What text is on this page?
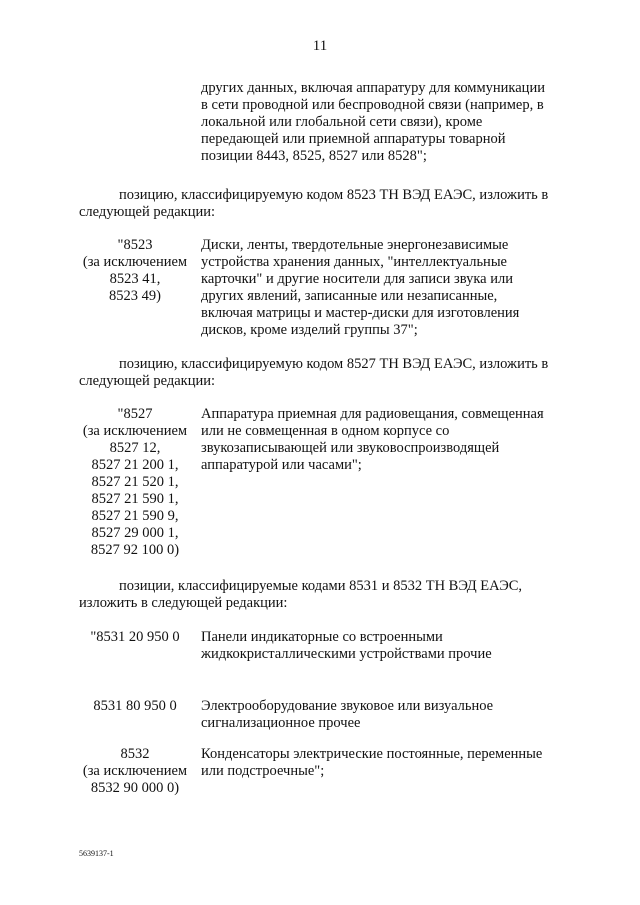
11
других данных, включая аппаратуру для коммуникации
в сети проводной или беспроводной связи (например, в
локальной или глобальной сети связи), кроме
передающей или приемной аппаратуры товарной
позиции 8443, 8525, 8527 или 8528";
позицию, классифицируемую кодом 8523 ТН ВЭД ЕАЭС, изложить в
следующей редакции:
"8523
(за исключением
8523 41,
8523 49)
Диски, ленты, твердотельные энергонезависимые
устройства хранения данных, "интеллектуальные
карточки" и другие носители для записи звука или
других явлений, записанные или незаписанные,
включая матрицы и мастер-диски для изготовления
дисков, кроме изделий группы 37";
позицию, классифицируемую кодом 8527 ТН ВЭД ЕАЭС, изложить в
следующей редакции:
"8527
(за исключением
8527 12,
8527 21 200 1,
8527 21 520 1,
8527 21 590 1,
8527 21 590 9,
8527 29 000 1,
8527 92 100 0)
Аппаратура приемная для радиовещания, совмещенная
или не совмещенная в одном корпусе со
звукозаписывающей или звуковоспроизводящей
аппаратурой или часами";
позиции, классифицируемые кодами 8531 и 8532 ТН ВЭД ЕАЭС,
изложить в следующей редакции:
"8531 20 950 0	Панели индикаторные со встроенными
жидкокристаллическими устройствами прочие
8531 80 950 0	Электрооборудование звуковое или визуальное
сигнализационное прочее
8532
(за исключением
8532 90 000 0)
Конденсаторы электрические постоянные, переменные
или подстроечные";
5639137-1
